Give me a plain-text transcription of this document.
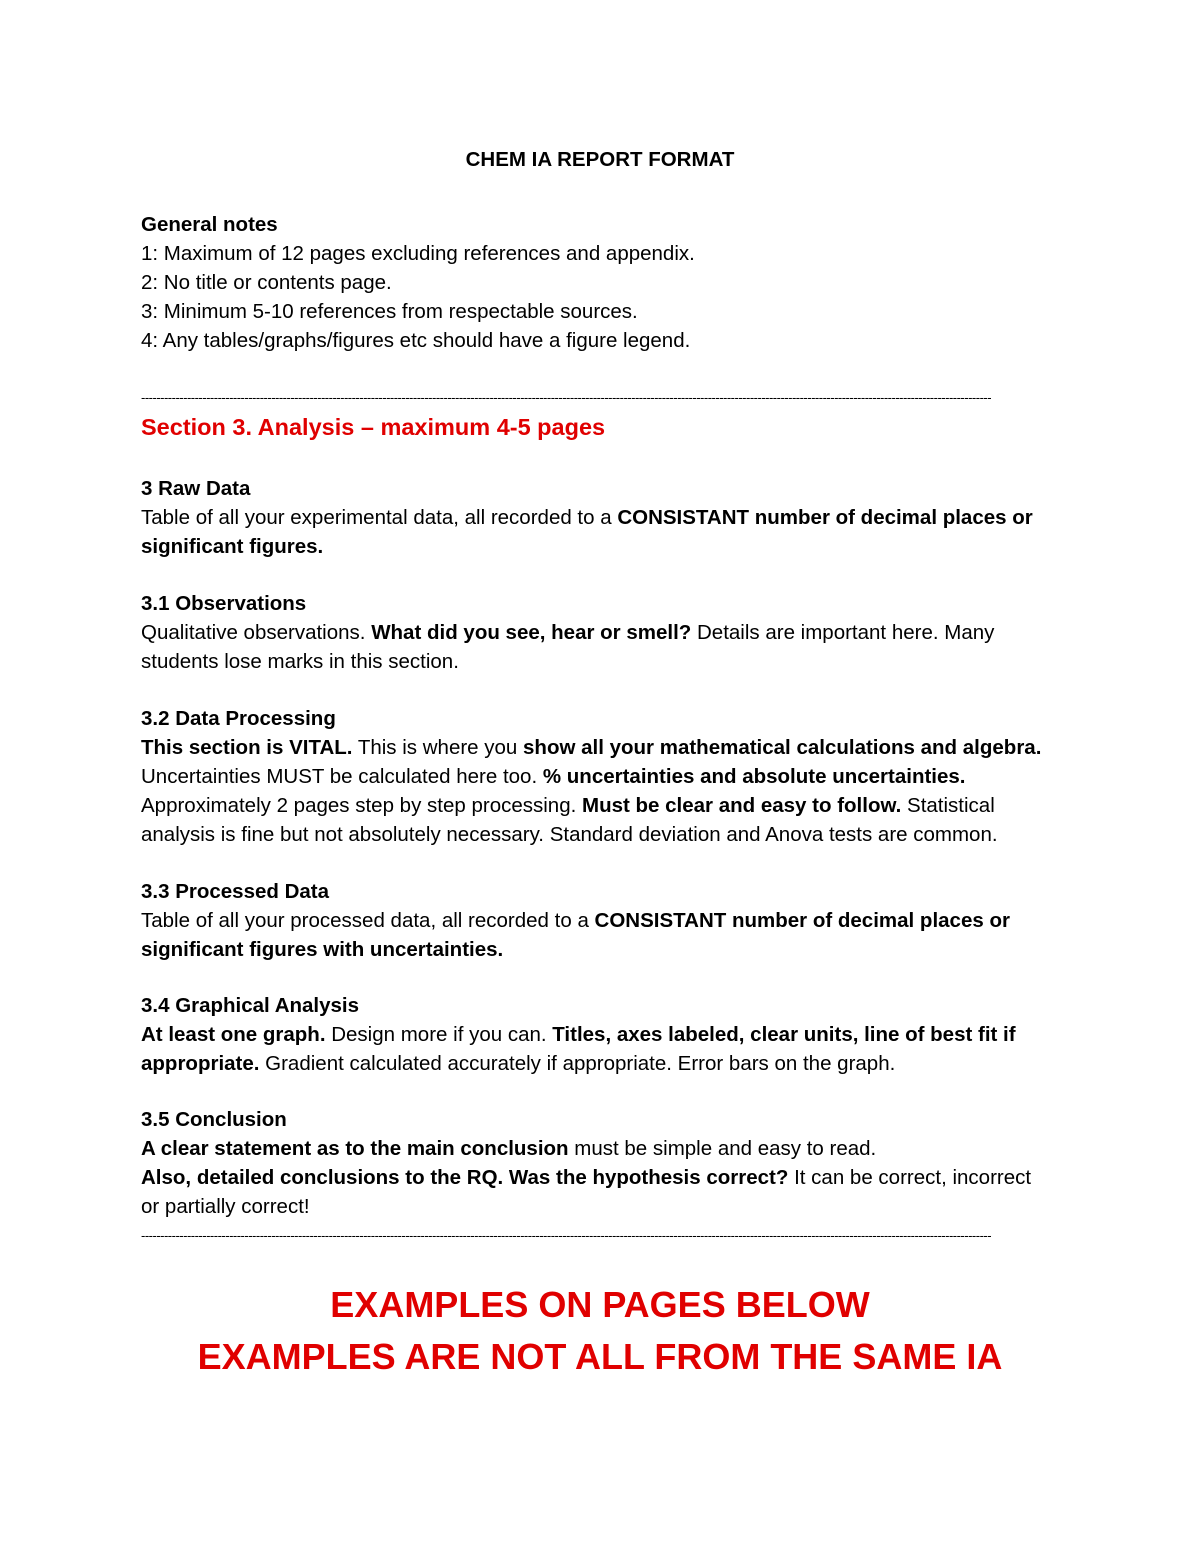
CHEM IA REPORT FORMAT
General notes
1: Maximum of 12 pages excluding references and appendix.
2: No title or contents page.
3: Minimum 5-10 references from respectable sources.
4: Any tables/graphs/figures etc should have a figure legend.
-----
Section 3. Analysis – maximum 4-5 pages
3 Raw Data
Table of all your experimental data, all recorded to a CONSISTANT number of decimal places or
significant figures.
3.1 Observations
Qualitative observations. What did you see, hear or smell? Details are important here. Many
students lose marks in this section.
3.2 Data Processing
This section is VITAL. This is where you show all your mathematical calculations and algebra.
Uncertainties MUST be calculated here too. % uncertainties and absolute uncertainties.
Approximately 2 pages step by step processing. Must be clear and easy to follow. Statistical
analysis is fine but not absolutely necessary. Standard deviation and Anova tests are common.
3.3 Processed Data
Table of all your processed data, all recorded to a CONSISTANT number of decimal places or
significant figures with uncertainties.
3.4 Graphical Analysis
At least one graph. Design more if you can. Titles, axes labeled, clear units, line of best fit if
appropriate. Gradient calculated accurately if appropriate. Error bars on the graph.
3.5 Conclusion
A clear statement as to the main conclusion must be simple and easy to read.
Also, detailed conclusions to the RQ. Was the hypothesis correct? It can be correct, incorrect
or partially correct!
-----
EXAMPLES ON PAGES BELOW
EXAMPLES ARE NOT ALL FROM THE SAME IA
